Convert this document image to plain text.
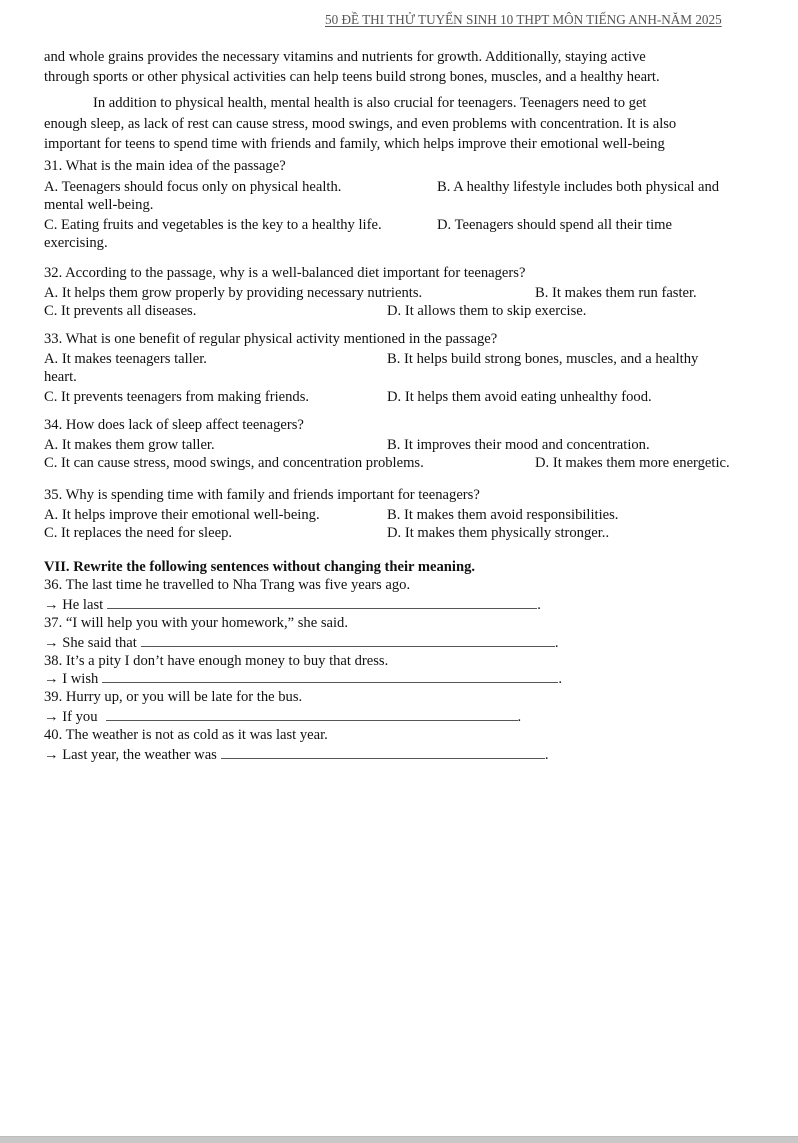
50 ĐỀ THI THỬ TUYỂN SINH 10 THPT MÔN TIẾNG ANH-NĂM 2025
and whole grains provides the necessary vitamins and nutrients for growth. Additionally, staying active
through sports or other physical activities can help teens build strong bones, muscles, and a healthy heart.
In addition to physical health, mental health is also crucial for teenagers. Teenagers need to get
enough sleep, as lack of rest can cause stress, mood swings, and even problems with concentration. It is also
important for teens to spend time with friends and family, which helps improve their emotional well-being
31. What is the main idea of the passage?
A. Teenagers should focus only on physical health.	B. A healthy lifestyle includes both physical and
mental well-being.
C. Eating fruits and vegetables is the key to a healthy life.	D. Teenagers should spend all their time
exercising.
32. According to the passage, why is a well-balanced diet important for teenagers?
A. It helps them grow properly by providing necessary nutrients.	B. It makes them run faster.
C. It prevents all diseases.	D. It allows them to skip exercise.
33. What is one benefit of regular physical activity mentioned in the passage?
A. It makes teenagers taller.	B. It helps build strong bones, muscles, and a healthy
heart.
C. It prevents teenagers from making friends.	D. It helps them avoid eating unhealthy food.
34. How does lack of sleep affect teenagers?
A. It makes them grow taller.	B. It improves their mood and concentration.
C. It can cause stress, mood swings, and concentration problems.	D. It makes them more energetic.
35. Why is spending time with family and friends important for teenagers?
A. It helps improve their emotional well-being.	B. It makes them avoid responsibilities.
C. It replaces the need for sleep.	D. It makes them physically stronger..
VII. Rewrite the following sentences without changing their meaning.
36. The last time he travelled to Nha Trang was five years ago.
→ He last	.
37. “I will help you with your homework,” she said.
→ She said that	.
38. It’s a pity I don’t have enough money to buy that dress.
→ I wish	.
39. Hurry up, or you will be late for the bus.
→ If you	.
40. The weather is not as cold as it was last year.
→ Last year, the weather was	.
